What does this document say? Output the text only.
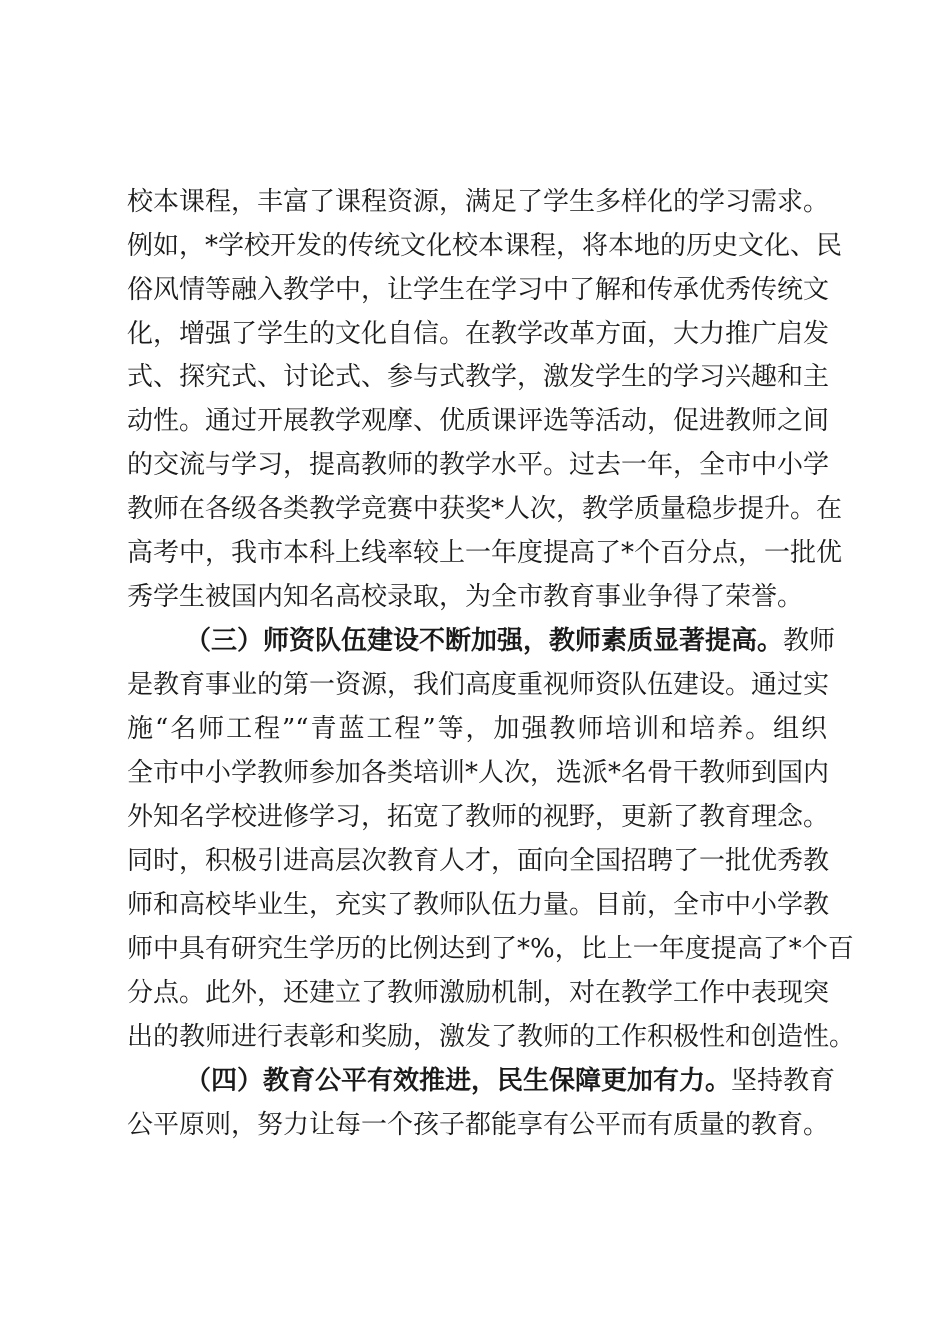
校本课程，丰富了课程资源，满足了学生多样化的学习需求。
例如，*学校开发的传统文化校本课程，将本地的历史文化、民
俗风情等融入教学中，让学生在学习中了解和传承优秀传统文
化，增强了学生的文化自信。在教学改革方面，大力推广启发
式、探究式、讨论式、参与式教学，激发学生的学习兴趣和主
动性。通过开展教学观摩、优质课评选等活动，促进教师之间
的交流与学习，提高教师的教学水平。过去一年，全市中小学
教师在各级各类教学竞赛中获奖*人次，教学质量稳步提升。在
高考中，我市本科上线率较上一年度提高了*个百分点，一批优
秀学生被国内知名高校录取，为全市教育事业争得了荣誉。
（三）师资队伍建设不断加强，教师素质显著提高。教师
是教育事业的第一资源，我们高度重视师资队伍建设。通过实
施“名师工程”“青蓝工程”等，加强教师培训和培养。组织
全市中小学教师参加各类培训*人次，选派*名骨干教师到国内
外知名学校进修学习，拓宽了教师的视野，更新了教育理念。
同时，积极引进高层次教育人才，面向全国招聘了一批优秀教
师和高校毕业生，充实了教师队伍力量。目前，全市中小学教
师中具有研究生学历的比例达到了*%，比上一年度提高了*个百
分点。此外，还建立了教师激励机制，对在教学工作中表现突
出的教师进行表彰和奖励，激发了教师的工作积极性和创造性。
（四）教育公平有效推进，民生保障更加有力。坚持教育
公平原则，努力让每一个孩子都能享有公平而有质量的教育。
